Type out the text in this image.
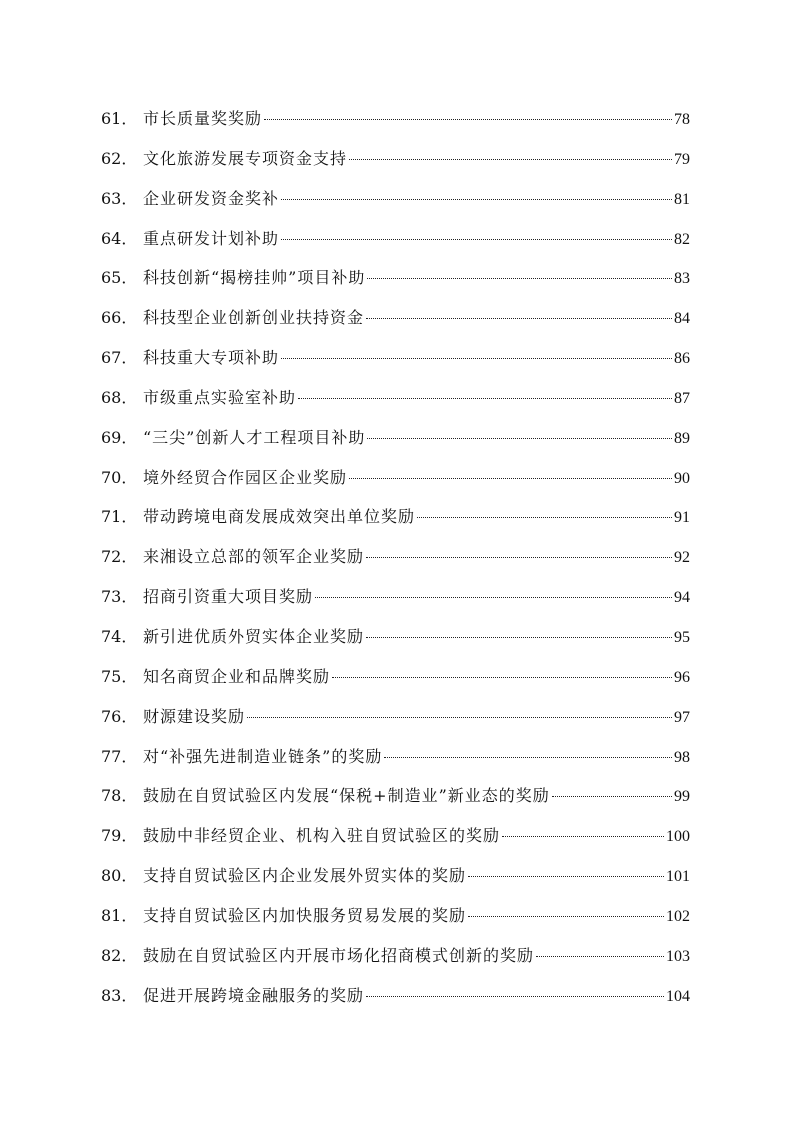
61． 市长质量奖奖励	78
62． 文化旅游发展专项资金支持	79
63． 企业研发资金奖补	81
64． 重点研发计划补助	82
65． 科技创新“揭榜挂帅”项目补助	83
66． 科技型企业创新创业扶持资金	84
67． 科技重大专项补助	86
68． 市级重点实验室补助	87
69． “三尖”创新人才工程项目补助	89
70． 境外经贸合作园区企业奖励	90
71． 带动跨境电商发展成效突出单位奖励	91
72． 来湘设立总部的领军企业奖励	92
73． 招商引资重大项目奖励	94
74． 新引进优质外贸实体企业奖励	95
75． 知名商贸企业和品牌奖励	96
76． 财源建设奖励	97
77． 对“补强先进制造业链条”的奖励	98
78． 鼓励在自贸试验区内发展“保税+制造业”新业态的奖励	99
79． 鼓励中非经贸企业、机构入驻自贸试验区的奖励	100
80． 支持自贸试验区内企业发展外贸实体的奖励	101
81． 支持自贸试验区内加快服务贸易发展的奖励	102
82． 鼓励在自贸试验区内开展市场化招商模式创新的奖励	103
83． 促进开展跨境金融服务的奖励	104
